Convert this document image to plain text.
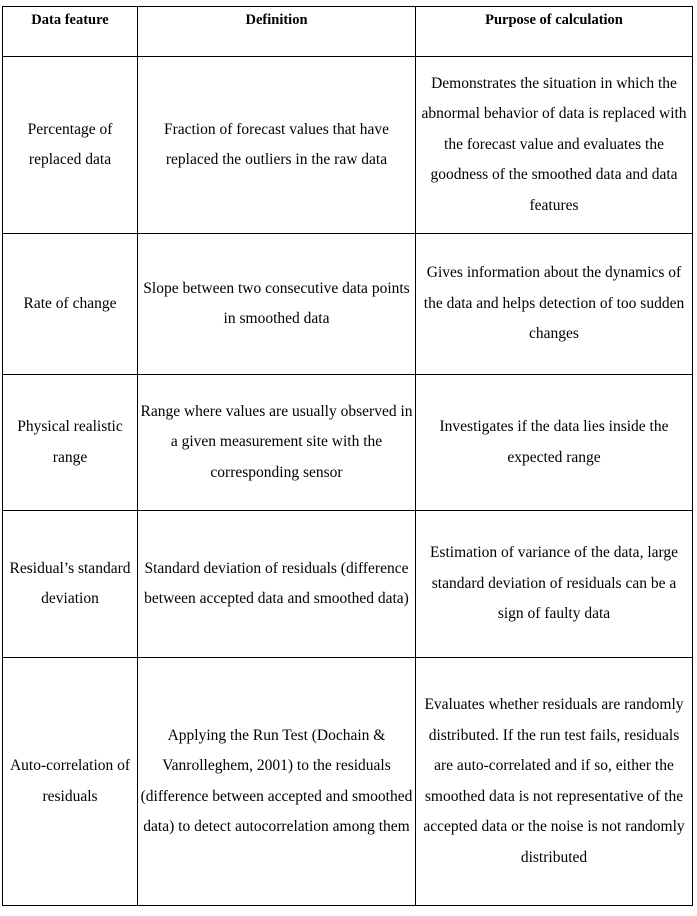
Data feature	Definition	Purpose of calculation
Percentage of replaced data	Fraction of forecast values that have replaced the outliers in the raw data	Demonstrates the situation in which the abnormal behavior of data is replaced with the forecast value and evaluates the goodness of the smoothed data and data features
Rate of change	Slope between two consecutive data points in smoothed data	Gives information about the dynamics of the data and helps detection of too sudden changes
Physical realistic range	Range where values are usually observed in a given measurement site with the corresponding sensor	Investigates if the data lies inside the expected range
Residual’s standard deviation	Standard deviation of residuals (difference between accepted data and smoothed data)	Estimation of variance of the data, large standard deviation of residuals can be a sign of faulty data
Auto-correlation of residuals	Applying the Run Test (Dochain & Vanrolleghem, 2001) to the residuals (difference between accepted and smoothed data) to detect autocorrelation among them	Evaluates whether residuals are randomly distributed. If the run test fails, residuals are auto-correlated and if so, either the smoothed data is not representative of the accepted data or the noise is not randomly distributed
